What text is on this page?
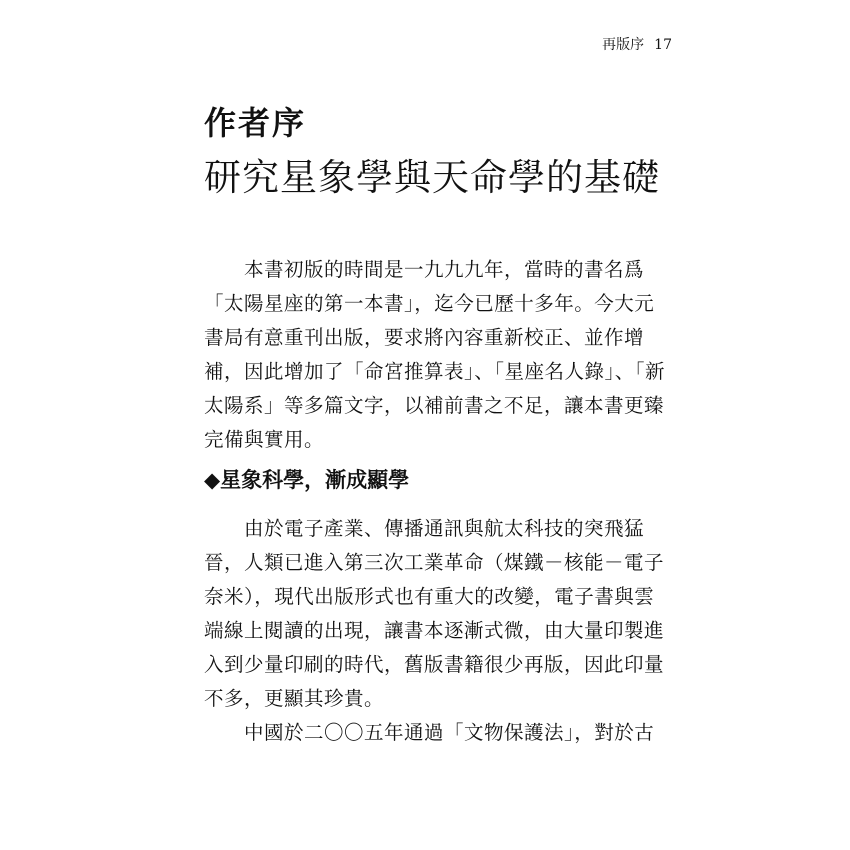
再版序 17
作者序
研究星象學與天命學的基礎

本書初版的時間是一九九九年，當時的書名爲
「太陽星座的第一本書」，迄今已歷十多年。今大元
書局有意重刊出版，要求將內容重新校正、並作增
補，因此增加了「命宮推算表」、「星座名人錄」、「新
太陽系」等多篇文字，以補前書之不足，讓本書更臻
完備與實用。

◆星象科學，漸成顯學

由於電子產業、傳播通訊與航太科技的突飛猛
晉，人類已進入第三次工業革命（煤鐵－核能－電子
奈米），現代出版形式也有重大的改變，電子書與雲
端線上閱讀的出現，讓書本逐漸式微，由大量印製進
入到少量印刷的時代，舊版書籍很少再版，因此印量
不多，更顯其珍貴。

中國於二〇〇五年通過「文物保護法」，對於古
